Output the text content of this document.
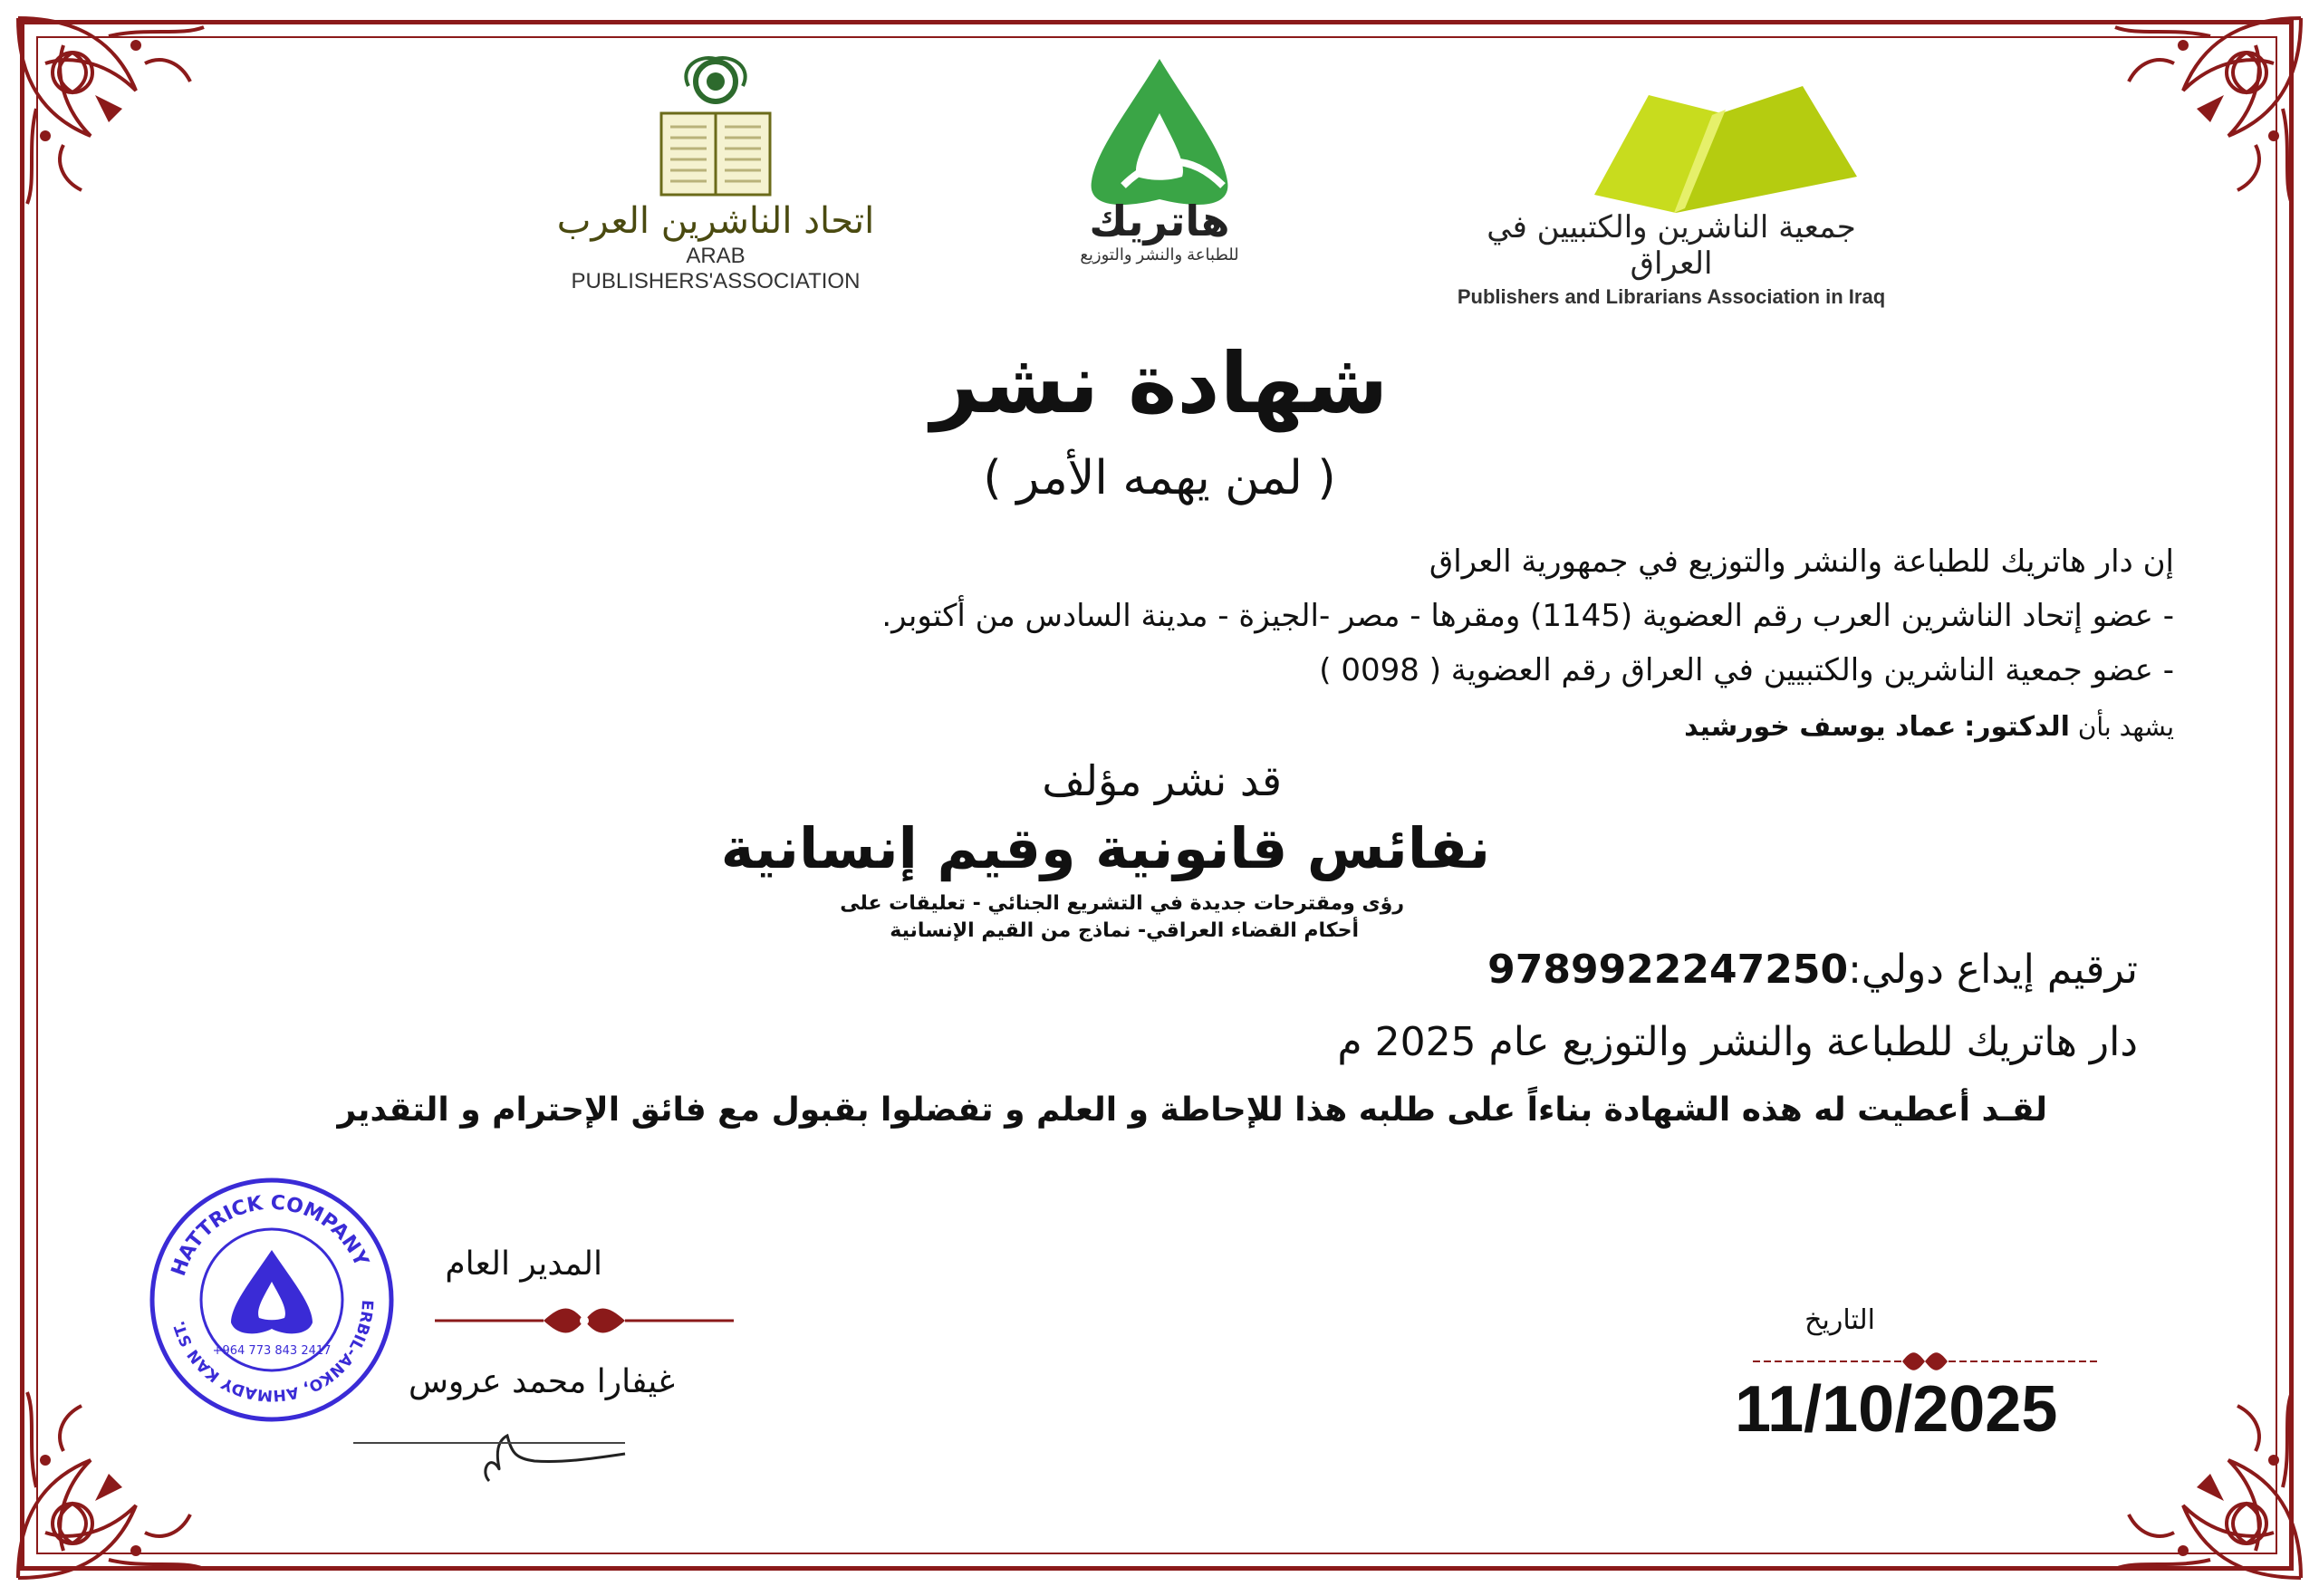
اتحاد الناشرين العرب
ARAB PUBLISHERS'ASSOCIATION
هاتريك
للطباعة والنشر والتوزيع
جمعية الناشرين والكتبيين في العراق
Publishers and Librarians Association in Iraq
شهادة نشر
( لمن يهمه الأمر )
إن دار هاتريك للطباعة والنشر والتوزيع في جمهورية العراق
- عضو إتحاد الناشرين العرب رقم العضوية (1145) ومقرها - مصر -الجيزة - مدينة السادس من أكتوبر.
- عضو جمعية الناشرين والكتبيين في العراق رقم العضوية ( 0098 )
يشهد بأن الدكتور: عماد يوسف خورشيد
قد نشر مؤلف
نفائس قانونية وقيم إنسانية
رؤى ومقترحات جديدة في التشريع الجنائي - تعليقات على
أحكام القضاء العراقي- نماذج من القيم الإنسانية
ترقيم إيداع دولي:9789922247250
دار هاتريك للطباعة والنشر والتوزيع عام 2025 م
لقـد أعطيت له هذه الشهادة بناءاً على طلبه هذا للإحاطة و العلم و تفضلوا بقبول مع فائق الإحترام و التقدير
HATTRICK COMPANY
ERBIL-ANKO, AHMADY KAN ST.
+964 773 843 2417
المدير العام
غيفارا محمد عروس
التاريخ
11/10/2025
